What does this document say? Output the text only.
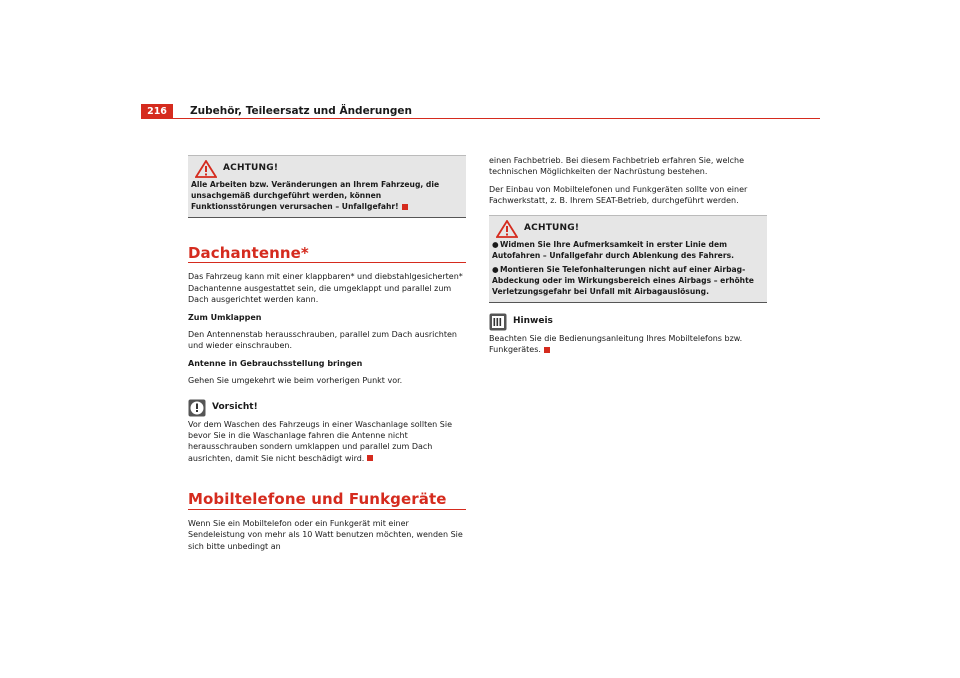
216	Zubehör, Teileersatz und Änderungen
ACHTUNG!
Alle Arbeiten bzw. Veränderungen an Ihrem Fahrzeug, die unsachgemäß durchgeführt werden, können Funktionsstörungen verursachen – Unfallgefahr!
Dachantenne*

Das Fahrzeug kann mit einer klappbaren* und diebstahlgesicherten* Dachantenne ausgestattet sein, die umgeklappt und parallel zum Dach ausgerichtet werden kann.

Zum Umklappen

Den Antennenstab herausschrauben, parallel zum Dach ausrichten und wieder einschrauben.

Antenne in Gebrauchsstellung bringen

Gehen Sie umgekehrt wie beim vorherigen Punkt vor.

Vorsicht!

Vor dem Waschen des Fahrzeugs in einer Waschanlage sollten Sie bevor Sie in die Waschanlage fahren die Antenne nicht herausschrauben sondern umklappen und parallel zum Dach ausrichten, damit Sie nicht beschädigt wird.

Mobiltelefone und Funkgeräte

Wenn Sie ein Mobiltelefon oder ein Funkgerät mit einer Sendeleistung von mehr als 10 Watt benutzen möchten, wenden Sie sich bitte unbedingt an

einen Fachbetrieb. Bei diesem Fachbetrieb erfahren Sie, welche technischen Möglichkeiten der Nachrüstung bestehen.

Der Einbau von Mobiltelefonen und Funkgeräten sollte von einer Fachwerkstatt, z. B. Ihrem SEAT-Betrieb, durchgeführt werden.

ACHTUNG!
●Widmen Sie Ihre Aufmerksamkeit in erster Linie dem Autofahren – Unfallgefahr durch Ablenkung des Fahrers.
●Montieren Sie Telefonhalterungen nicht auf einer Airbag-Abdeckung oder im Wirkungsbereich eines Airbags – erhöhte Verletzungsgefahr bei Unfall mit Airbagauslösung.
Hinweis

Beachten Sie die Bedienungsanleitung Ihres Mobiltelefons bzw. Funkgerätes.
